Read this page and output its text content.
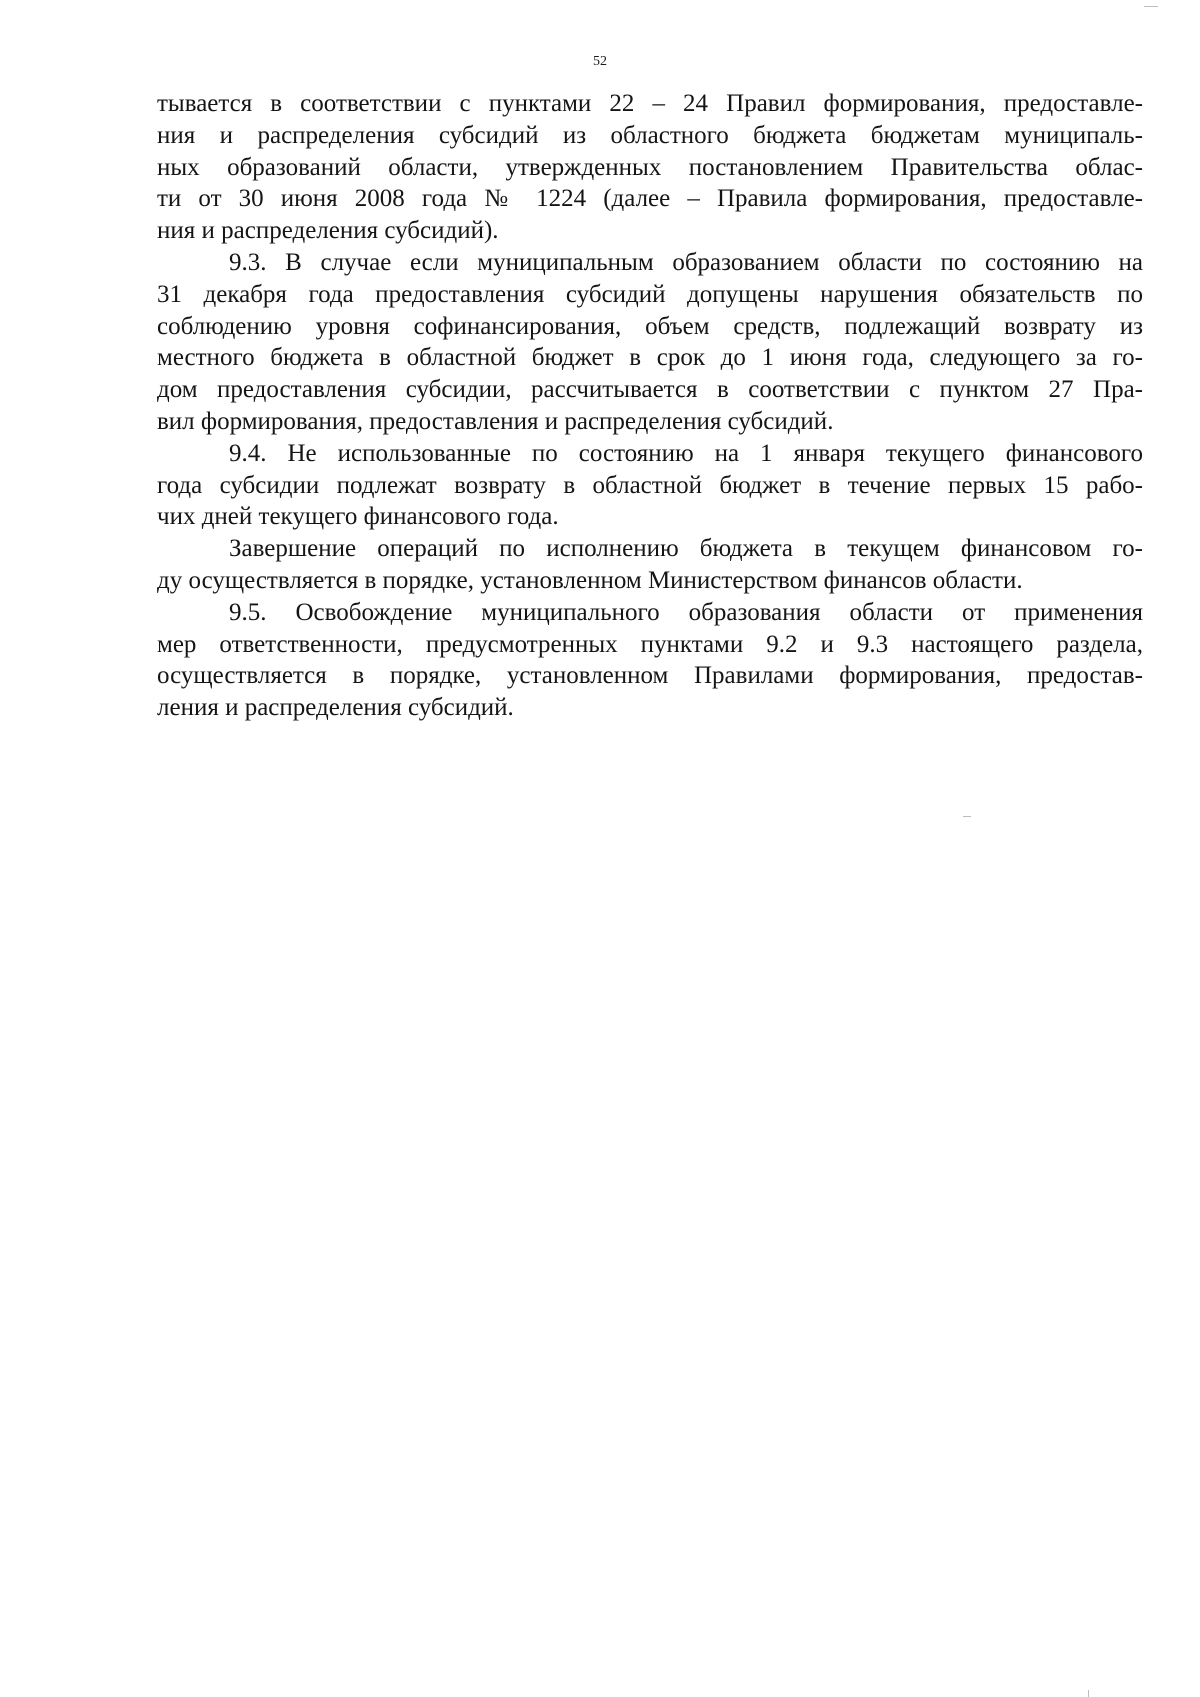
52

тывается в соответствии с пунктами 22 – 24 Правил формирования, предоставле-

ния и распределения субсидий из областного бюджета бюджетам муниципаль-

ных образований области, утвержденных постановлением Правительства облас-

ти от 30 июня 2008 года № 1224 (далее – Правила формирования, предоставле-

ния и распределения субсидий).

9.3. В случае если муниципальным образованием области по состоянию на

31 декабря года предоставления субсидий допущены нарушения обязательств по

соблюдению уровня софинансирования, объем средств, подлежащий возврату из

местного бюджета в областной бюджет в срок до 1 июня года, следующего за го-

дом предоставления субсидии, рассчитывается в соответствии с пунктом 27 Пра-

вил формирования, предоставления и распределения субсидий.

9.4. Не использованные по состоянию на 1 января текущего финансового

года субсидии подлежат возврату в областной бюджет в течение первых 15 рабо-

чих дней текущего финансового года.

Завершение операций по исполнению бюджета в текущем финансовом го-

ду осуществляется в порядке, установленном Министерством финансов области.

9.5. Освобождение муниципального образования области от применения

мер ответственности, предусмотренных пунктами 9.2 и 9.3 настоящего раздела,

осуществляется в порядке, установленном Правилами формирования, предостав-

ления и распределения субсидий.
